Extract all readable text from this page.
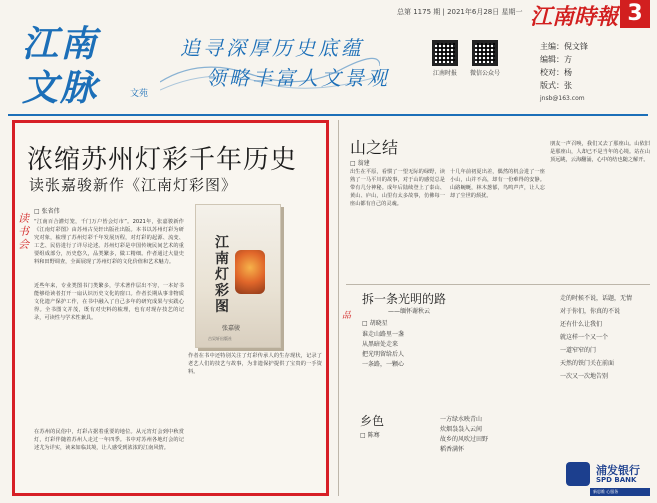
江南
文脉	文苑
追寻深厚历史底蕴
领略丰富人文景观
总第 1175 期 | 2021年6月28日 星期一 江南時報 3
江南时报	微信公众号
主编：倪文锋
编辑：方
校对：杨
版式：张
jnsb@163.com
浓缩苏州灯彩千年历史
读张嘉骏新作《江南灯彩图》
读书会
□ 张省伟
“江南百合灌灯笼，千门万户皆会灯市”。2021年，张嘉骏新作《江南灯彩图》由苏州古吴轩出版社出版。本书以苏州灯彩为研究对象，梳理了苏州灯彩千年发展历程，对灯彩的起源、流变、工艺、民俗进行了详尽论述。苏州灯彩是中国传统民间艺术的重要组成部分，历史悠久，品类繁多，做工精细。作者通过大量史料和田野调查，全面展现了苏州灯彩的文化价值和艺术魅力。
近些年来，专业类图书门类繁多，学术著作层出不穷，一本好书能够给读者打开一扇认识历史文化的窗口。作者长期从事非物质文化遗产保护工作，在书中融入了自己多年的研究成果与实践心得。全书图文并茂，既有对史料的梳理，也有对现存技艺的记录，可读性与学术性兼具。
在苏州的民俗中，灯彩占据着重要的地位。从元宵灯会到中秋赏灯，灯彩伴随着苏州人走过一年四季。书中对苏州各地灯会的记述尤为详实，读来如临其境，让人感受到浓浓的江南风情。
作者在书中还特别关注了灯彩传承人的生存现状，记录了老艺人们的技艺与故事，为非遗保护提供了宝贵的一手资料。
江南灯彩图
张嘉骏
古吴轩出版社
山之结
□ 翁建
出生在平原，看惯了一望无际的绿野，读熟了一马平川的故事，对于山的感觉总是带有几分神秘。成年后陆续登上了泰山、黄山、庐山，山里有太多故事，仿佛每一座山都有自己的灵魂。
十几年前初夏出差，偶然的机会进了一座小山，山并不高，却有一份难得的安静。山路蜿蜒，林木葱郁，鸟鸣声声，让人忘却了尘世的烦扰。
朋友一声召唤，我们又去了那座山。山依旧是那座山，人却已不是当年的心境。站在山顶远眺，云海翻涌，心中的结也随之解开。
品
拆一条光明的路
——缅怀谢秋云
□ 胡晓星
谁走山路里一盏
从黑暗处走来
把光明留给后人
一条路，一颗心
乡色
□ 陈骞
一方绿水映青山
炊烟袅袅入云间
故乡的风吹过田野
稻香满怀
走的时候不说，话题，无情
对于你们，你真的不说
还有什么让我们
就这样一个又一个
一道窄窄的门
天然的铁门关在前面
一次又一次地告别
浦发银行
SPD BANK
新思维 心服务
